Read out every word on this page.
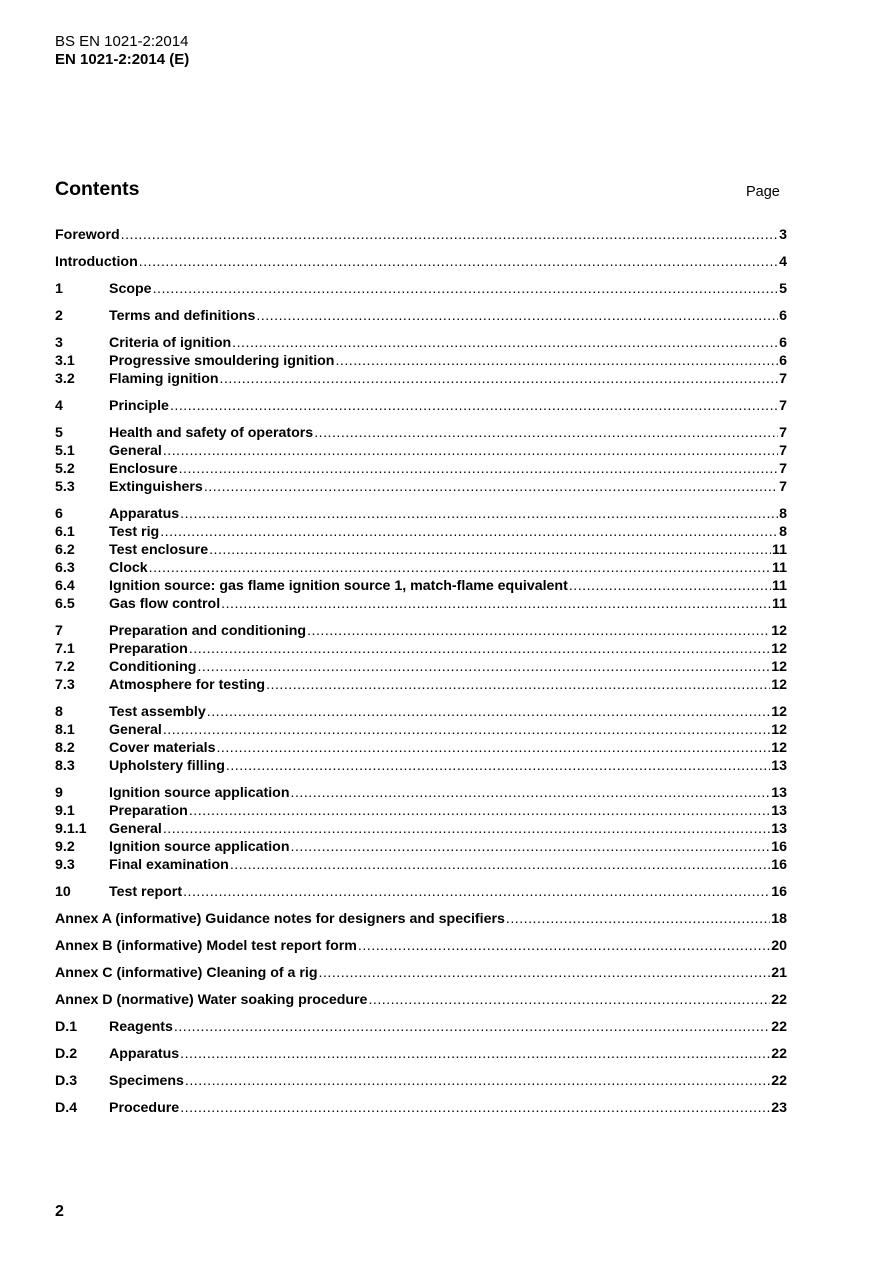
BS EN 1021-2:2014
EN 1021-2:2014 (E)
Contents	Page
Foreword .....	3
Introduction .....	4
1	Scope .....	5
2	Terms and definitions .....	6
3	Criteria of ignition .....	6
3.1	Progressive smouldering ignition .....	6
3.2	Flaming ignition .....	7
4	Principle .....	7
5	Health and safety of operators .....	7
5.1	General .....	7
5.2	Enclosure .....	7
5.3	Extinguishers .....	7
6	Apparatus .....	8
6.1	Test rig .....	8
6.2	Test enclosure .....	11
6.3	Clock .....	11
6.4	Ignition source: gas flame ignition source 1, match-flame equivalent .....	11
6.5	Gas flow control .....	11
7	Preparation and conditioning .....	12
7.1	Preparation .....	12
7.2	Conditioning .....	12
7.3	Atmosphere for testing .....	12
8	Test assembly .....	12
8.1	General .....	12
8.2	Cover materials .....	12
8.3	Upholstery filling .....	13
9	Ignition source application .....	13
9.1	Preparation .....	13
9.1.1	General .....	13
9.2	Ignition source application .....	16
9.3	Final examination .....	16
10	Test report .....	16
Annex A (informative) Guidance notes for designers and specifiers .....	18
Annex B (informative) Model test report form .....	20
Annex C (informative) Cleaning of a rig .....	21
Annex D (normative) Water soaking procedure .....	22
D.1	Reagents .....	22
D.2	Apparatus .....	22
D.3	Specimens .....	22
D.4	Procedure .....	23
2
